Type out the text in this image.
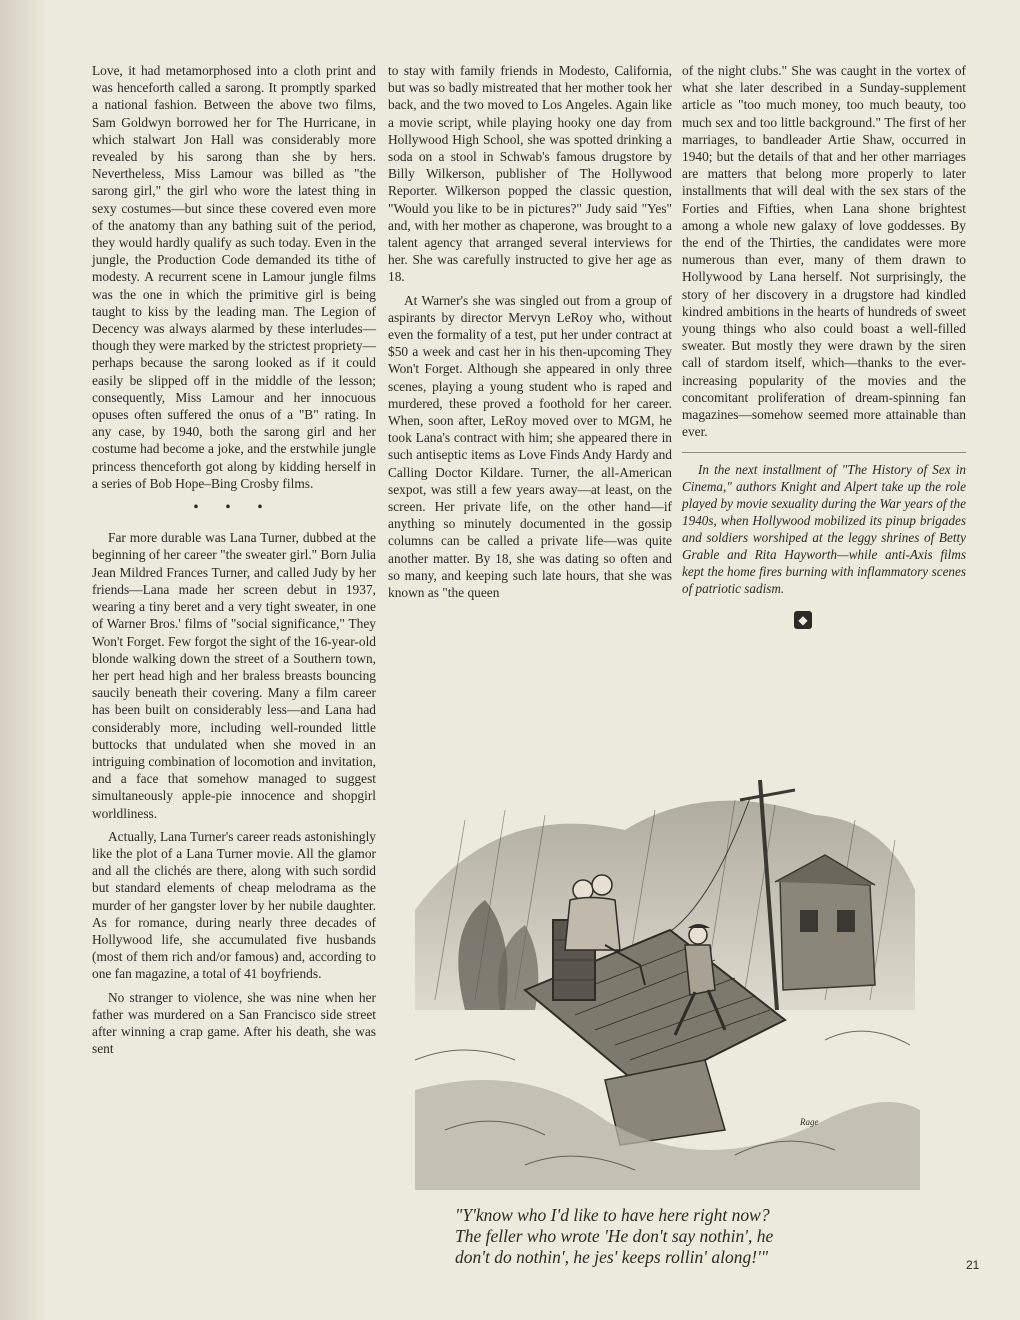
Love, it had metamorphosed into a cloth print and was henceforth called a sarong. It promptly sparked a national fashion. Between the above two films, Sam Goldwyn borrowed her for The Hurricane, in which stalwart Jon Hall was considerably more revealed by his sarong than she by hers. Nevertheless, Miss Lamour was billed as "the sarong girl," the girl who wore the latest thing in sexy costumes—but since these covered even more of the anatomy than any bathing suit of the period, they would hardly qualify as such today. Even in the jungle, the Production Code demanded its tithe of modesty. A recurrent scene in Lamour jungle films was the one in which the primitive girl is being taught to kiss by the leading man. The Legion of Decency was always alarmed by these interludes—though they were marked by the strictest propriety—perhaps because the sarong looked as if it could easily be slipped off in the middle of the lesson; consequently, Miss Lamour and her innocuous opuses often suffered the onus of a "B" rating. In any case, by 1940, both the sarong girl and her costume had become a joke, and the erstwhile jungle princess thenceforth got along by kidding herself in a series of Bob Hope–Bing Crosby films.

• • •

Far more durable was Lana Turner, dubbed at the beginning of her career "the sweater girl." Born Julia Jean Mildred Frances Turner, and called Judy by her friends—Lana made her screen debut in 1937, wearing a tiny beret and a very tight sweater, in one of Warner Bros.' films of "social significance," They Won't Forget. Few forgot the sight of the 16-year-old blonde walking down the street of a Southern town, her pert head high and her braless breasts bouncing saucily beneath their covering. Many a film career has been built on considerably less—and Lana had considerably more, including well-rounded little buttocks that undulated when she moved in an intriguing combination of locomotion and invitation, and a face that somehow managed to suggest simultaneously apple-pie innocence and shopgirl worldliness.

Actually, Lana Turner's career reads astonishingly like the plot of a Lana Turner movie. All the glamor and all the clichés are there, along with such sordid but standard elements of cheap melodrama as the murder of her gangster lover by her nubile daughter. As for romance, during nearly three decades of Hollywood life, she accumulated five husbands (most of them rich and/or famous) and, according to one fan magazine, a total of 41 boyfriends.

No stranger to violence, she was nine when her father was murdered on a San Francisco side street after winning a crap game. After his death, she was sent

to stay with family friends in Modesto, California, but was so badly mistreated that her mother took her back, and the two moved to Los Angeles. Again like a movie script, while playing hooky one day from Hollywood High School, she was spotted drinking a soda on a stool in Schwab's famous drugstore by Billy Wilkerson, publisher of The Hollywood Reporter. Wilkerson popped the classic question, "Would you like to be in pictures?" Judy said "Yes" and, with her mother as chaperone, was brought to a talent agency that arranged several interviews for her. She was carefully instructed to give her age as 18.

At Warner's she was singled out from a group of aspirants by director Mervyn LeRoy who, without even the formality of a test, put her under contract at $50 a week and cast her in his then-upcoming They Won't Forget. Although she appeared in only three scenes, playing a young student who is raped and murdered, these proved a foothold for her career. When, soon after, LeRoy moved over to MGM, he took Lana's contract with him; she appeared there in such antiseptic items as Love Finds Andy Hardy and Calling Doctor Kildare. Turner, the all-American sexpot, was still a few years away—at least, on the screen. Her private life, on the other hand—if anything so minutely documented in the gossip columns can be called a private life—was quite another matter. By 18, she was dating so often and so many, and keeping such late hours, that she was known as "the queen

of the night clubs." She was caught in the vortex of what she later described in a Sunday-supplement article as "too much money, too much beauty, too much sex and too little background." The first of her marriages, to bandleader Artie Shaw, occurred in 1940; but the details of that and her other marriages are matters that belong more properly to later installments that will deal with the sex stars of the Forties and Fifties, when Lana shone brightest among a whole new galaxy of love goddesses. By the end of the Thirties, the candidates were more numerous than ever, many of them drawn to Hollywood by Lana herself. Not surprisingly, the story of her discovery in a drugstore had kindled kindred ambitions in the hearts of hundreds of sweet young things who also could boast a well-filled sweater. But mostly they were drawn by the siren call of stardom itself, which—thanks to the ever-increasing popularity of the movies and the concomitant proliferation of dream-spinning fan magazines—somehow seemed more attainable than ever.

In the next installment of "The History of Sex in Cinema," authors Knight and Alpert take up the role played by movie sexuality during the War years of the 1940s, when Hollywood mobilized its pinup brigades and soldiers worshiped at the leggy shrines of Betty Grable and Rita Hayworth—while anti-Axis films kept the home fires burning with inflammatory scenes of patriotic sadism.

◆
Rage
"Y'know who I'd like to have here right now?
The feller who wrote 'He don't say nothin', he
don't do nothin', he jes' keeps rollin' along!'"	21
